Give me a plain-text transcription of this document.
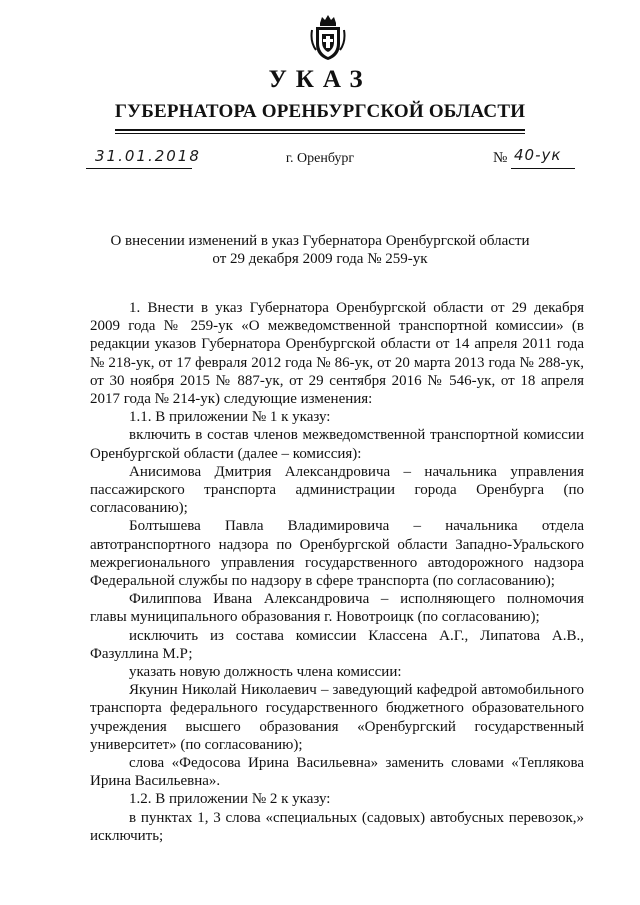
УКАЗ
ГУБЕРНАТОРА ОРЕНБУРГСКОЙ ОБЛАСТИ
31.01.2018	г. Оренбург	№ 40-ук
О внесении изменений в указ Губернатора Оренбургской области
от 29 декабря 2009 года № 259-ук

1. Внести в указ Губернатора Оренбургской области от 29 декабря 2009 года № 259-ук «О межведомственной транспортной комиссии» (в редакции указов Губернатора Оренбургской области от 14 апреля 2011 года № 218-ук, от 17 февраля 2012 года № 86-ук, от 20 марта 2013 года № 288-ук, от 30 ноября 2015 № 887-ук, от 29 сентября 2016 № 546-ук, от 18 апреля 2017 года № 214-ук) следующие изменения:

1.1. В приложении № 1 к указу:

включить в состав членов межведомственной транспортной комиссии Оренбургской области (далее – комиссия):

Анисимова Дмитрия Александровича – начальника управления пассажирского транспорта администрации города Оренбурга (по согласованию);

Болтышева Павла Владимировича – начальника отдела автотранспортного надзора по Оренбургской области Западно-Уральского межрегионального управления государственного автодорожного надзора Федеральной службы по надзору в сфере транспорта (по согласованию);

Филиппова Ивана Александровича – исполняющего полномочия главы муниципального образования г. Новотроицк (по согласованию);

исключить из состава комиссии Классена А.Г., Липатова А.В., Фазуллина М.Р;

указать новую должность члена комиссии:

Якунин Николай Николаевич – заведующий кафедрой автомобильного транспорта федерального государственного бюджетного образовательного учреждения высшего образования «Оренбургский государственный университет» (по согласованию);

слова «Федосова Ирина Васильевна» заменить словами «Теплякова Ирина Васильевна».

1.2. В приложении № 2 к указу:

в пунктах 1, 3 слова «специальных (садовых) автобусных перевозок,» исключить;
